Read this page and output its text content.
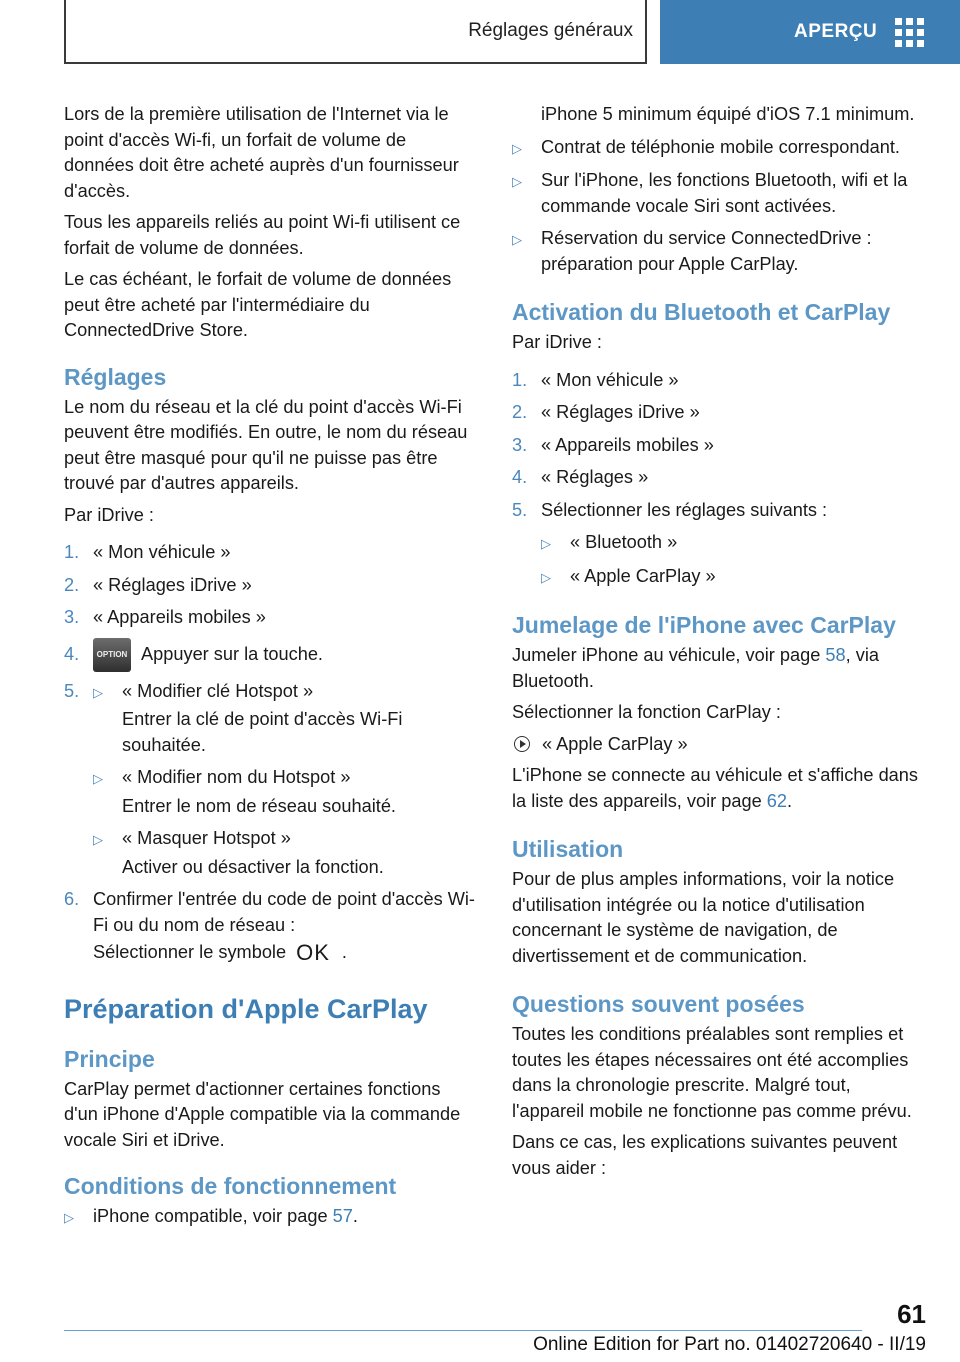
Réglages généraux	APERÇU

Lors de la première utilisation de l'Internet via le point d'accès Wi-fi, un forfait de volume de données doit être acheté auprès d'un fournisseur d'accès.

Tous les appareils reliés au point Wi-fi utilisent ce forfait de volume de données.

Le cas échéant, le forfait de volume de données peut être acheté par l'intermédiaire du ConnectedDrive Store.

Réglages

Le nom du réseau et la clé du point d'accès Wi-Fi peuvent être modifiés. En outre, le nom du réseau peut être masqué pour qu'il ne puisse pas être trouvé par d'autres appareils.

Par iDrive :

1. « Mon véhicule »
2. « Réglages iDrive »
3. « Appareils mobiles »
4.	OPTION Appuyer sur la touche.
5.	▷	« Modifier clé Hotspot »
Entrer la clé de point d'accès Wi-Fi souhaitée.
▷	« Modifier nom du Hotspot »
Entrer le nom de réseau souhaité.
▷	« Masquer Hotspot »
Activer ou désactiver la fonction.
6. Confirmer l'entrée du code de point d'accès Wi-Fi ou du nom de réseau :
Sélectionner le symbole OK .
Préparation d'Apple CarPlay
Principe

CarPlay permet d'actionner certaines fonctions d'un iPhone d'Apple compatible via la commande vocale Siri et iDrive.

Conditions de fonctionnement
▷	iPhone compatible, voir page 57.
iPhone 5 minimum équipé d'iOS 7.1 minimum.
▷	Contrat de téléphonie mobile correspondant.
▷	Sur l'iPhone, les fonctions Bluetooth, wifi et la commande vocale Siri sont activées.
▷	Réservation du service ConnectedDrive : préparation pour Apple CarPlay.
Activation du Bluetooth et CarPlay

Par iDrive :

1. « Mon véhicule »
2. « Réglages iDrive »
3. « Appareils mobiles »
4. « Réglages »
5. Sélectionner les réglages suivants :
▷	« Bluetooth »
▷	« Apple CarPlay »
Jumelage de l'iPhone avec CarPlay

Jumeler iPhone au véhicule, voir page 58, via Bluetooth.

Sélectionner la fonction CarPlay :

« Apple CarPlay »

L'iPhone se connecte au véhicule et s'affiche dans la liste des appareils, voir page 62.

Utilisation

Pour de plus amples informations, voir la notice d'utilisation intégrée ou la notice d'utilisation concernant le système de navigation, de divertissement et de communication.

Questions souvent posées

Toutes les conditions préalables sont remplies et toutes les étapes nécessaires ont été accomplies dans la chronologie prescrite. Malgré tout, l'appareil mobile ne fonctionne pas comme prévu.

Dans ce cas, les explications suivantes peuvent vous aider :

61
Online Edition for Part no. 01402720640 - II/19
